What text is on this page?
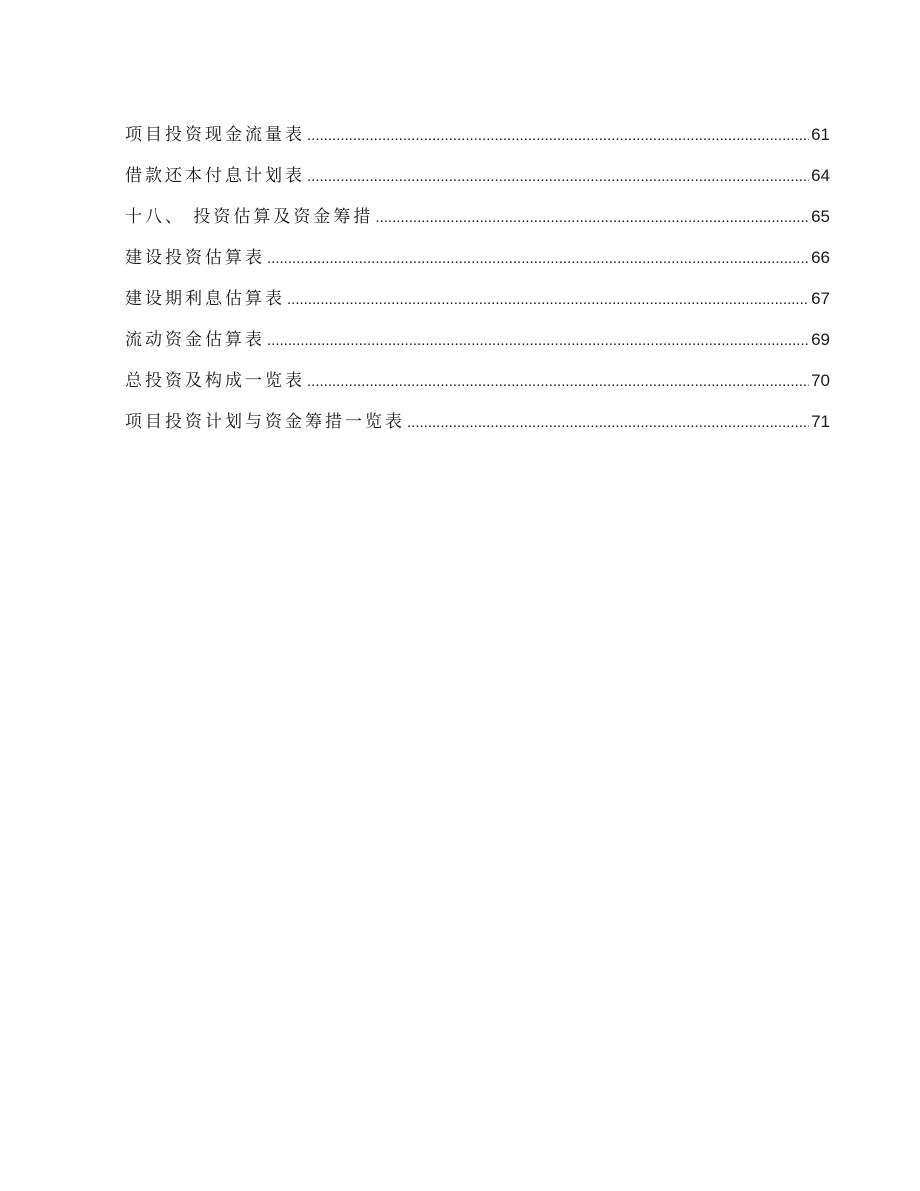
项目投资现金流量表 .....	61
借款还本付息计划表 .....	64
十八、 投资估算及资金筹措 .....	65
建设投资估算表 .....	66
建设期利息估算表 .....	67
流动资金估算表 .....	69
总投资及构成一览表 .....	70
项目投资计划与资金筹措一览表 .....	71
